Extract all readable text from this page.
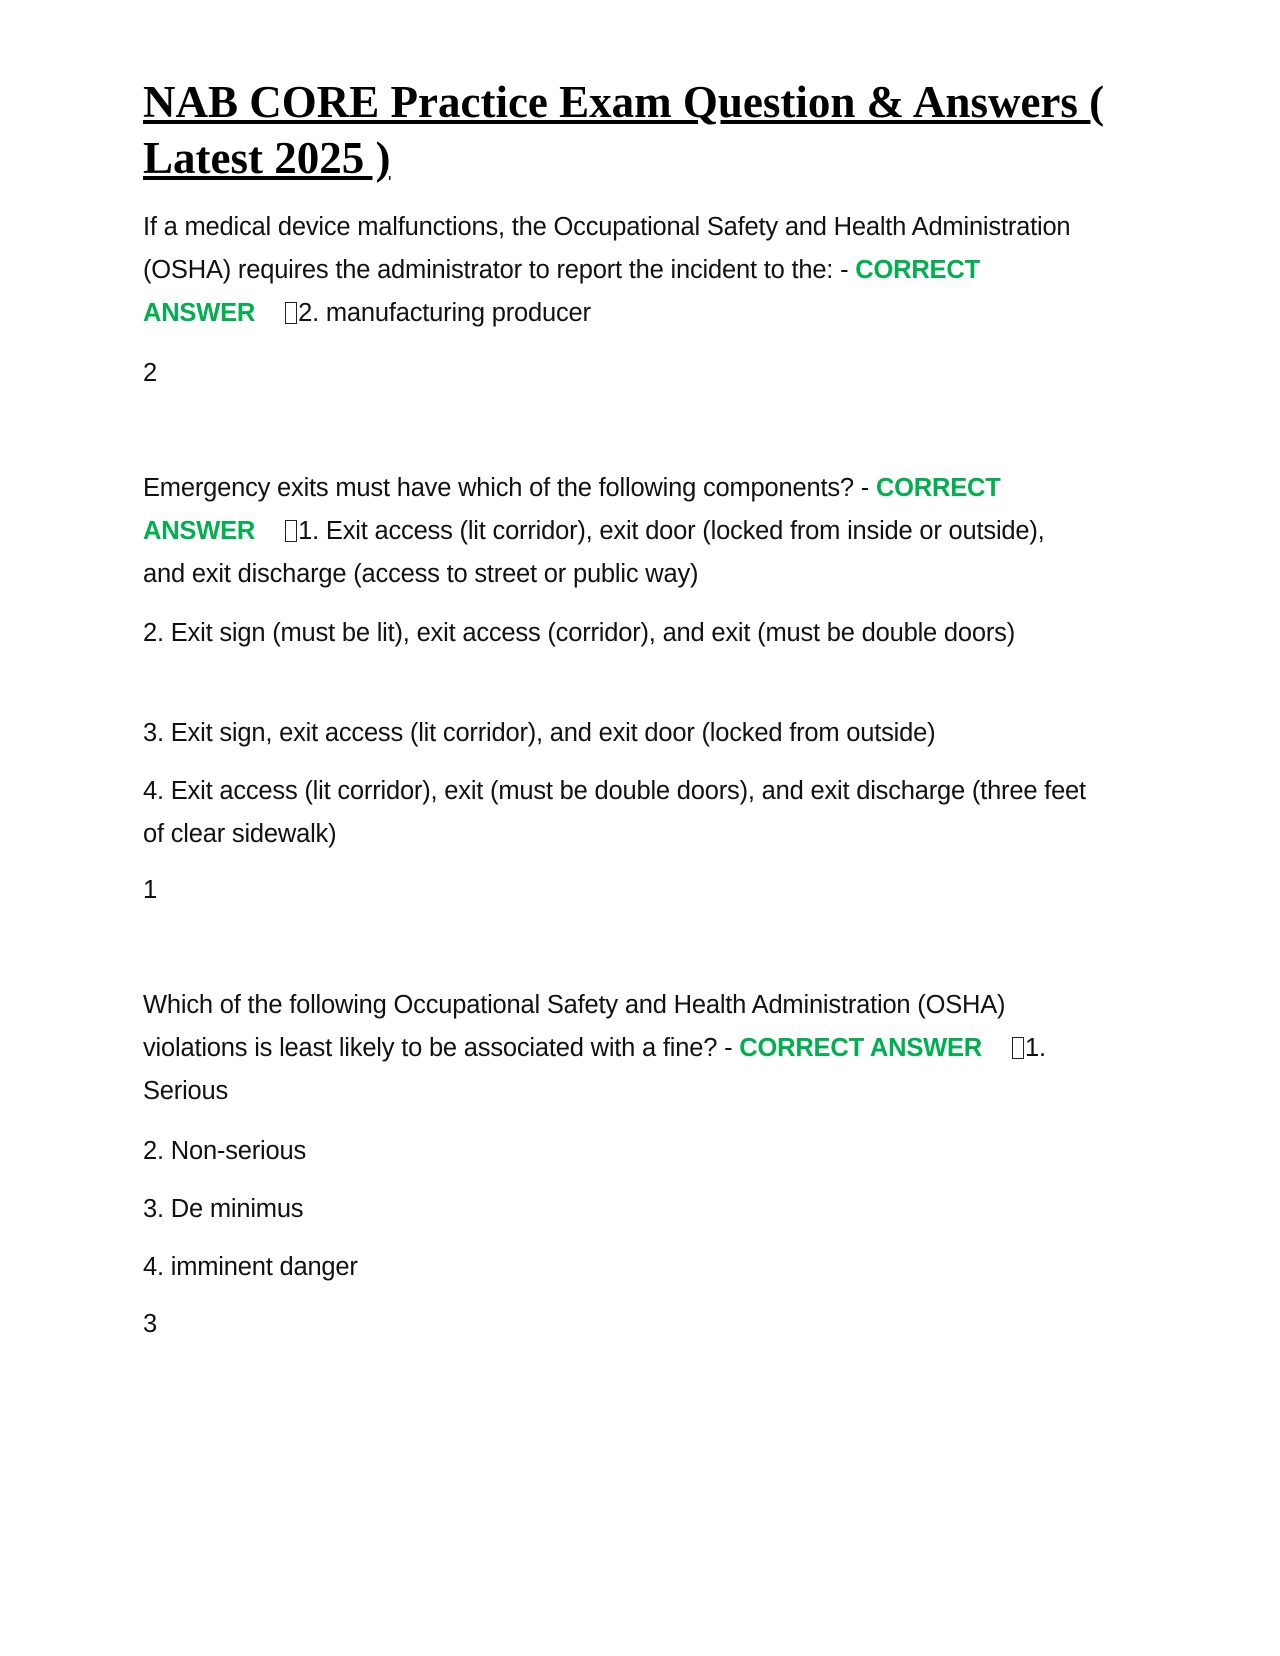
NAB CORE Practice Exam Question & Answers ( Latest 2025 )

If a medical device malfunctions, the Occupational Safety and Health Administration (OSHA) requires the administrator to report the incident to the: - CORRECT ANSWER 2. manufacturing producer

2

Emergency exits must have which of the following components? - CORRECT ANSWER 1. Exit access (lit corridor), exit door (locked from inside or outside), and exit discharge (access to street or public way)

2. Exit sign (must be lit), exit access (corridor), and exit (must be double doors)

3. Exit sign, exit access (lit corridor), and exit door (locked from outside)

4. Exit access (lit corridor), exit (must be double doors), and exit discharge (three feet of clear sidewalk)

1

Which of the following Occupational Safety and Health Administration (OSHA) violations is least likely to be associated with a fine? - CORRECT ANSWER 1. Serious

2. Non-serious

3. De minimus

4. imminent danger

3
